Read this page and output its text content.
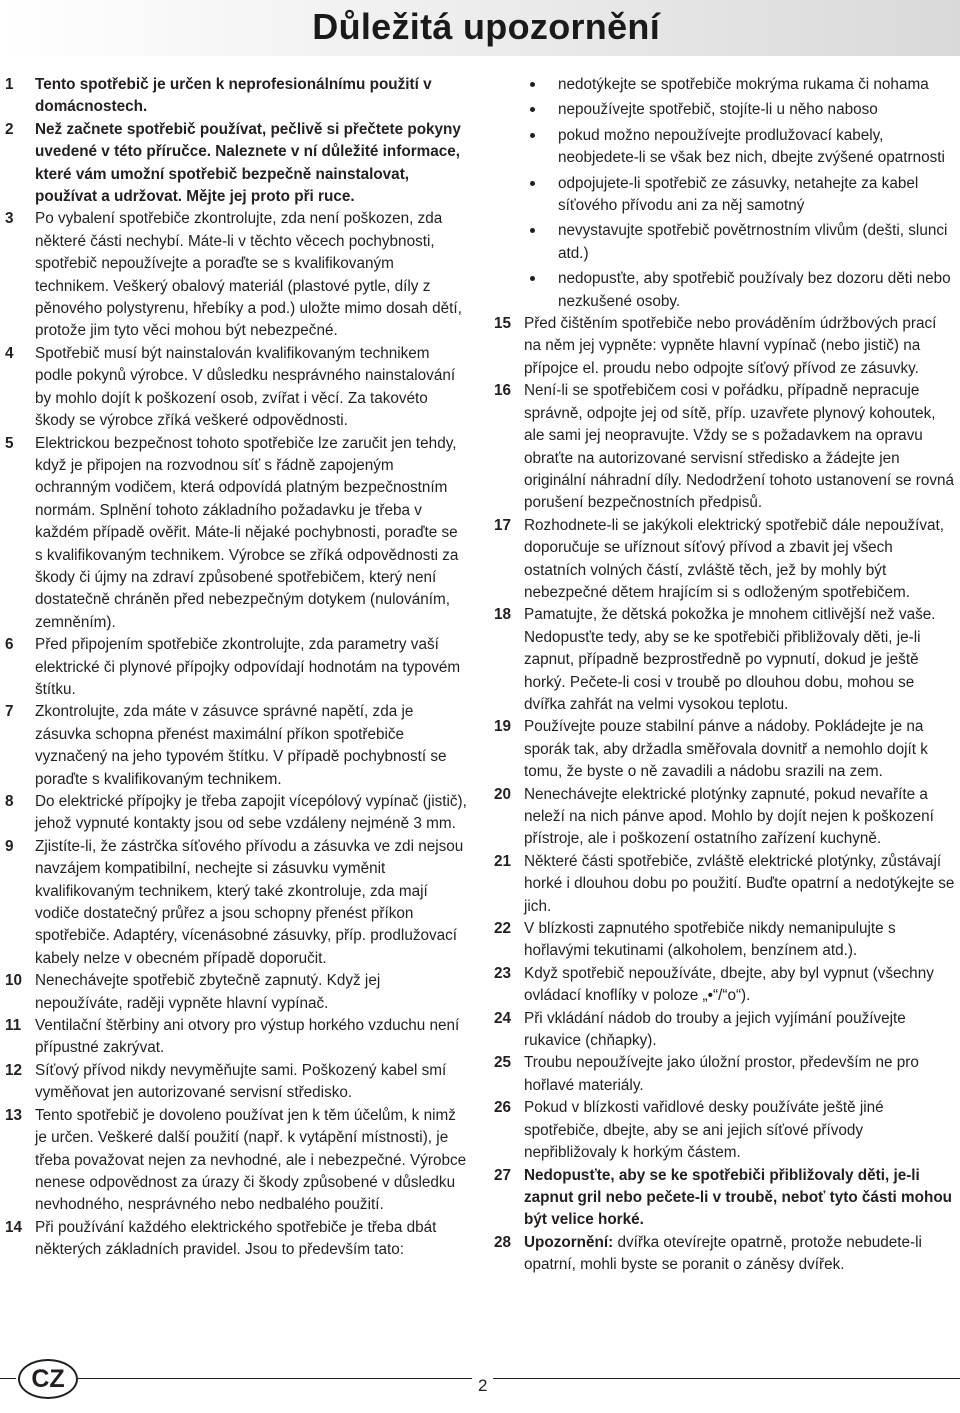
Důležitá upozornění
1 Tento spotřebič je určen k neprofesionálnímu použití v domácnostech.
2 Než začnete spotřebič používat, pečlivě si přečtete pokyny uvedené v této příručce. Naleznete v ní důležité informace, které vám umožní spotřebič bezpečně nainstalovat, používat a udržovat. Mějte jej proto při ruce.
3 Po vybalení spotřebiče zkontrolujte, zda není poškozen, zda některé části nechybí. Máte-li v těchto věcech pochybnosti, spotřebič nepoužívejte a poraďte se s kvalifikovaným technikem. Veškerý obalový materiál (plastové pytle, díly z pěnového polystyrenu, hřebíky a pod.) uložte mimo dosah dětí, protože jim tyto věci mohou být nebezpečné.
4 Spotřebič musí být nainstalován kvalifikovaným technikem podle pokynů výrobce. V důsledku nesprávného nainstalování by mohlo dojít k poškození osob, zvířat i věcí. Za takovéto škody se výrobce zříká veškeré odpovědnosti.
5 Elektrickou bezpečnost tohoto spotřebiče lze zaručit jen tehdy, když je připojen na rozvodnou síť s řádně zapojeným ochranným vodičem, která odpovídá platným bezpečnostním normám. Splnění tohoto základního požadavku je třeba v každém případě ověřit. Máte-li nějaké pochybnosti, poraďte se s kvalifikovaným technikem. Výrobce se zříká odpovědnosti za škody či újmy na zdraví způsobené spotřebičem, který není dostatečně chráněn před nebezpečným dotykem (nulováním, zemněním).
6 Před připojením spotřebiče zkontrolujte, zda parametry vaší elektrické či plynové přípojky odpovídají hodnotám na typovém štítku.
7 Zkontrolujte, zda máte v zásuvce správné napětí, zda je zásuvka schopna přenést maximální příkon spotřebiče vyznačený na jeho typovém štítku. V případě pochybností se poraďte s kvalifikovaným technikem.
8 Do elektrické přípojky je třeba zapojit vícepólový vypínač (jistič), jehož vypnuté kontakty jsou od sebe vzdáleny nejméně 3 mm.
9 Zjistíte-li, že zástrčka síťového přívodu a zásuvka ve zdi nejsou navzájem kompatibilní, nechejte si zásuvku vyměnit kvalifikovaným technikem, který také zkontroluje, zda mají vodiče dostatečný průřez a jsou schopny přenést příkon spotřebiče. Adaptéry, vícenásobné zásuvky, příp. prodlužovací kabely nelze v obecném případě doporučit.
10 Nenechávejte spotřebič zbytečně zapnutý. Když jej nepoužíváte, raději vypněte hlavní vypínač.
11 Ventilační štěrbiny ani otvory pro výstup horkého vzduchu není přípustné zakrývat.
12 Síťový přívod nikdy nevyměňujte sami. Poškozený kabel smí vyměňovat jen autorizované servisní středisko.
13 Tento spotřebič je dovoleno používat jen k těm účelům, k nimž je určen. Veškeré další použití (např. k vytápění místnosti), je třeba považovat nejen za nevhodné, ale i nebezpečné. Výrobce nenese odpovědnost za úrazy či škody způsobené v důsledku nevhodného, nesprávného nebo nedbalého použití.
14 Při používání každého elektrického spotřebiče je třeba dbát některých základních pravidel. Jsou to především tato:
nedotýkejte se spotřebiče mokrýma rukama či nohama
nepoužívejte spotřebič, stojíte-li u něho naboso
pokud možno nepoužívejte prodlužovací kabely, neobjedete-li se však bez nich, dbejte zvýšené opatrnosti
odpojujete-li spotřebič ze zásuvky, netahejte za kabel síťového přívodu ani za něj samotný
nevystavujte spotřebič povětrnostním vlivům (dešti, slunci atd.)
nedopusťte, aby spotřebič používaly bez dozoru děti nebo nezkušené osoby.
15 Před čištěním spotřebiče nebo prováděním údržbových prací na něm jej vypněte: vypněte hlavní vypínač (nebo jistič) na přípojce el. proudu nebo odpojte síťový přívod ze zásuvky.
16 Není-li se spotřebičem cosi v pořádku, případně nepracuje správně, odpojte jej od sítě, příp. uzavřete plynový kohoutek, ale sami jej neopravujte. Vždy se s požadavkem na opravu obraťte na autorizované servisní středisko a žádejte jen originální náhradní díly. Nedodržení tohoto ustanovení se rovná porušení bezpečnostních předpisů.
17 Rozhodnete-li se jakýkoli elektrický spotřebič dále nepoužívat, doporučuje se uříznout síťový přívod a zbavit jej všech ostatních volných částí, zvláště těch, jež by mohly být nebezpečné dětem hrajícím si s odloženým spotřebičem.
18 Pamatujte, že dětská pokožka je mnohem citlivější než vaše. Nedopusťte tedy, aby se ke spotřebiči přibližovaly děti, je-li zapnut, případně bezprostředně po vypnutí, dokud je ještě horký. Pečete-li cosi v troubě po dlouhou dobu, mohou se dvířka zahřát na velmi vysokou teplotu.
19 Používejte pouze stabilní pánve a nádoby. Pokládejte je na sporák tak, aby držadla směřovala dovnitř a nemohlo dojít k tomu, že byste o ně zavadili a nádobu srazili na zem.
20 Nenechávejte elektrické plotýnky zapnuté, pokud nevaříte a neleží na nich pánve apod. Mohlo by dojít nejen k poškození přístroje, ale i poškození ostatního zařízení kuchyně.
21 Některé části spotřebiče, zvláště elektrické plotýnky, zůstávají horké i dlouhou dobu po použití. Buďte opatrní a nedotýkejte se jich.
22 V blízkosti zapnutého spotřebiče nikdy nemanipulujte s hořlavými tekutinami (alkoholem, benzínem atd.).
23 Když spotřebič nepoužíváte, dbejte, aby byl vypnut (všechny ovládací knoflíky v poloze „•“/“o“).
24 Při vkládání nádob do trouby a jejich vyjímání používejte rukavice (chňapky).
25 Troubu nepoužívejte jako úložní prostor, především ne pro hořlavé materiály.
26 Pokud v blízkosti vařidlové desky používáte ještě jiné spotřebiče, dbejte, aby se ani jejich síťové přívody nepřibližovaly k horkým částem.
27 Nedopusťte, aby se ke spotřebiči přibližovaly děti, je-li zapnut gril nebo pečete-li v troubě, neboť tyto části mohou být velice horké.
28 Upozornění: dvířka otevírejte opatrně, protože nebudete-li opatrní, mohli byste se poranit o záněsy dvířek.
CZ	2
